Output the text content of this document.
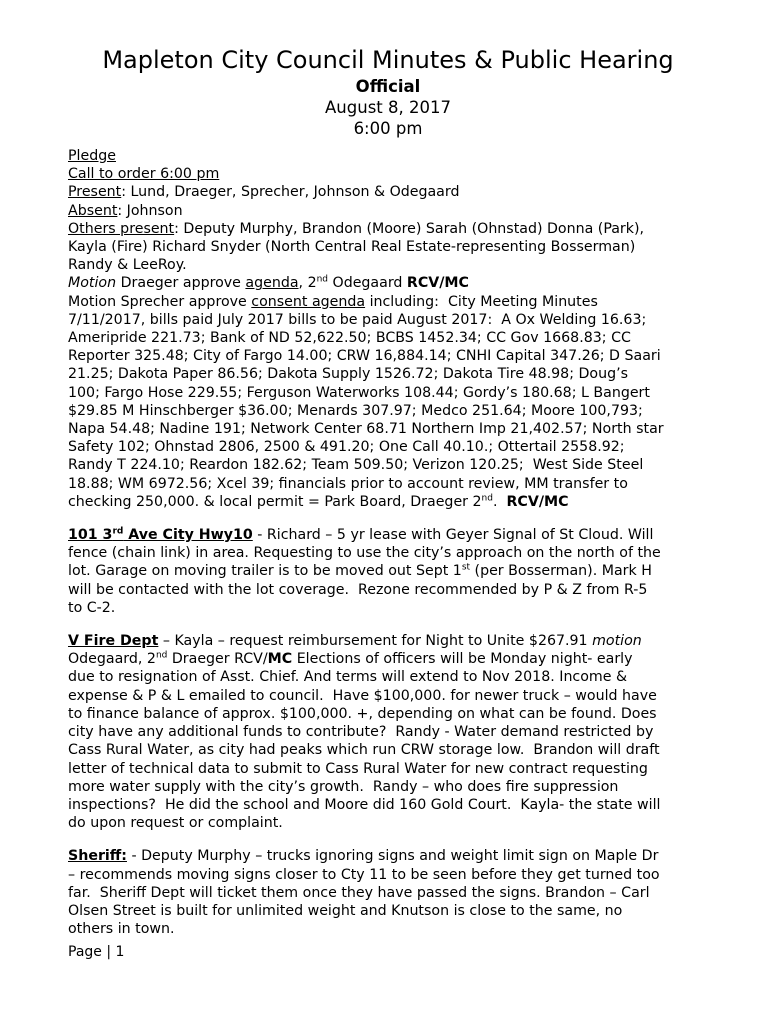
Mapleton City Council Minutes & Public Hearing

Official

August 8, 2017

6:00 pm

Pledge

Call to order 6:00 pm

Present: Lund, Draeger, Sprecher, Johnson & Odegaard

Absent: Johnson

Others present: Deputy Murphy, Brandon (Moore) Sarah (Ohnstad) Donna (Park),

Kayla (Fire) Richard Snyder (North Central Real Estate-representing Bosserman)

Randy & LeeRoy.

Motion Draeger approve agenda, 2nd Odegaard RCV/MC

Motion Sprecher approve consent agenda including:  City Meeting Minutes

7/11/2017, bills paid July 2017 bills to be paid August 2017:  A Ox Welding 16.63;

Ameripride 221.73; Bank of ND 52,622.50; BCBS 1452.34; CC Gov 1668.83; CC

Reporter 325.48; City of Fargo 14.00; CRW 16,884.14; CNHI Capital 347.26; D Saari

21.25; Dakota Paper 86.56; Dakota Supply 1526.72; Dakota Tire 48.98; Doug’s

100; Fargo Hose 229.55; Ferguson Waterworks 108.44; Gordy’s 180.68; L Bangert

$29.85 M Hinschberger $36.00; Menards 307.97; Medco 251.64; Moore 100,793;

Napa 54.48; Nadine 191; Network Center 68.71 Northern Imp 21,402.57; North star

Safety 102; Ohnstad 2806, 2500 & 491.20; One Call 40.10.; Ottertail 2558.92;

Randy T 224.10; Reardon 182.62; Team 509.50; Verizon 120.25;  West Side Steel

18.88; WM 6972.56; Xcel 39; financials prior to account review, MM transfer to

checking 250,000. & local permit = Park Board, Draeger 2nd.  RCV/MC

101 3rd Ave City Hwy10 - Richard – 5 yr lease with Geyer Signal of St Cloud. Will

fence (chain link) in area. Requesting to use the city’s approach on the north of the

lot. Garage on moving trailer is to be moved out Sept 1st (per Bosserman). Mark H

will be contacted with the lot coverage.  Rezone recommended by P & Z from R-5

to C-2.

V Fire Dept – Kayla – request reimbursement for Night to Unite $267.91 motion

Odegaard, 2nd Draeger RCV/MC Elections of officers will be Monday night- early

due to resignation of Asst. Chief. And terms will extend to Nov 2018. Income &

expense & P & L emailed to council.  Have $100,000. for newer truck – would have

to finance balance of approx. $100,000. +, depending on what can be found. Does

city have any additional funds to contribute?  Randy - Water demand restricted by

Cass Rural Water, as city had peaks which run CRW storage low.  Brandon will draft

letter of technical data to submit to Cass Rural Water for new contract requesting

more water supply with the city’s growth.  Randy – who does fire suppression

inspections?  He did the school and Moore did 160 Gold Court.  Kayla- the state will

do upon request or complaint.

Sheriff: - Deputy Murphy – trucks ignoring signs and weight limit sign on Maple Dr

– recommends moving signs closer to Cty 11 to be seen before they get turned too

far.  Sheriff Dept will ticket them once they have passed the signs. Brandon – Carl

Olsen Street is built for unlimited weight and Knutson is close to the same, no

others in town.

Page | 1
